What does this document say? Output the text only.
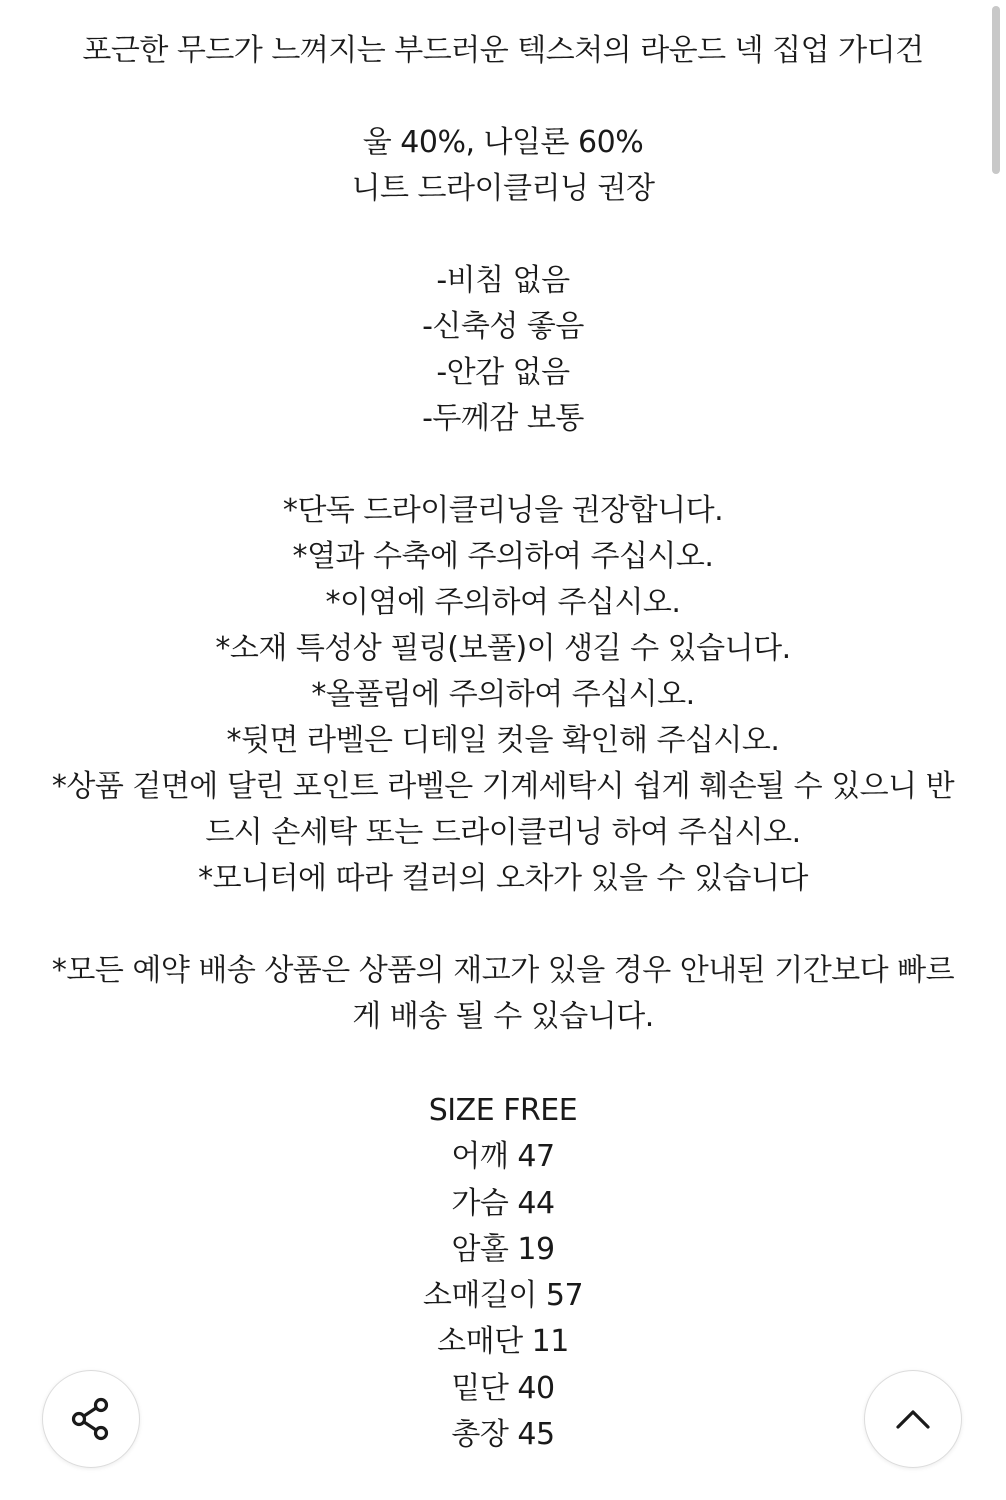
포근한 무드가 느껴지는 부드러운 텍스처의 라운드 넥 집업 가디건

울 40%, 나일론 60%

니트 드라이클리닝 권장

-비침 없음

-신축성 좋음

-안감 없음

-두께감 보통

*단독 드라이클리닝을 권장합니다.

*열과 수축에 주의하여 주십시오.

*이염에 주의하여 주십시오.

*소재 특성상 필링(보풀)이 생길 수 있습니다.

*올풀림에 주의하여 주십시오.

*뒷면 라벨은 디테일 컷을 확인해 주십시오.

*상품 겉면에 달린 포인트 라벨은 기계세탁시 쉽게 훼손될 수 있으니 반

드시 손세탁 또는 드라이클리닝 하여 주십시오.

*모니터에 따라 컬러의 오차가 있을 수 있습니다

*모든 예약 배송 상품은 상품의 재고가 있을 경우 안내된 기간보다 빠르

게 배송 될 수 있습니다.

SIZE FREE

어깨 47

가슴 44

암홀 19

소매길이 57

소매단 11

밑단 40

총장 45
